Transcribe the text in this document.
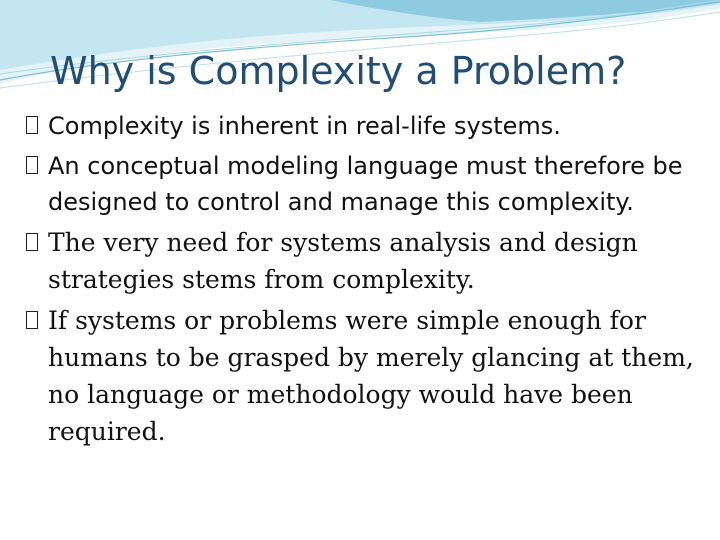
Why is Complexity a Problem?
Complexity is inherent in real-life systems.
An conceptual modeling language must therefore be designed to control and manage this complexity.
The very need for systems analysis and design strategies stems from complexity.
If systems or problems were simple enough for humans to be grasped by merely glancing at them, no language or methodology would have been required.
